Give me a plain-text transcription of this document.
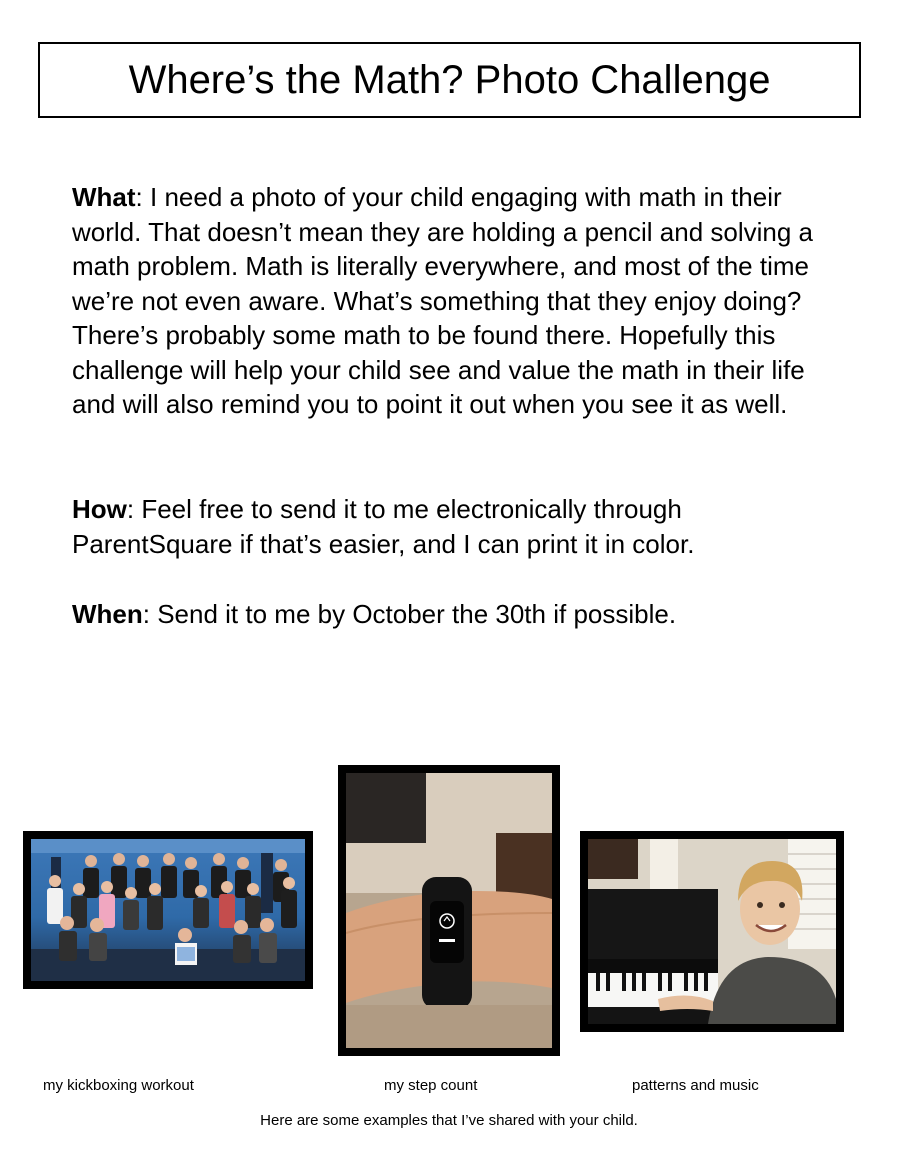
Where’s the Math? Photo Challenge

What: I need a photo of your child engaging with math in their world. That doesn’t mean they are holding a pencil and solving a math problem. Math is literally everywhere, and most of the time we’re not even aware. What’s something that they enjoy doing? There’s probably some math to be found there. Hopefully this challenge will help your child see and value the math in their life and will also remind you to point it out when you see it as well.

How: Feel free to send it to me electronically through ParentSquare if that’s easier, and I can print it in color.

When: Send it to me by October the 30th if possible.

my kickboxing workout	my step count	patterns and music
Here are some examples that I’ve shared with your child.
